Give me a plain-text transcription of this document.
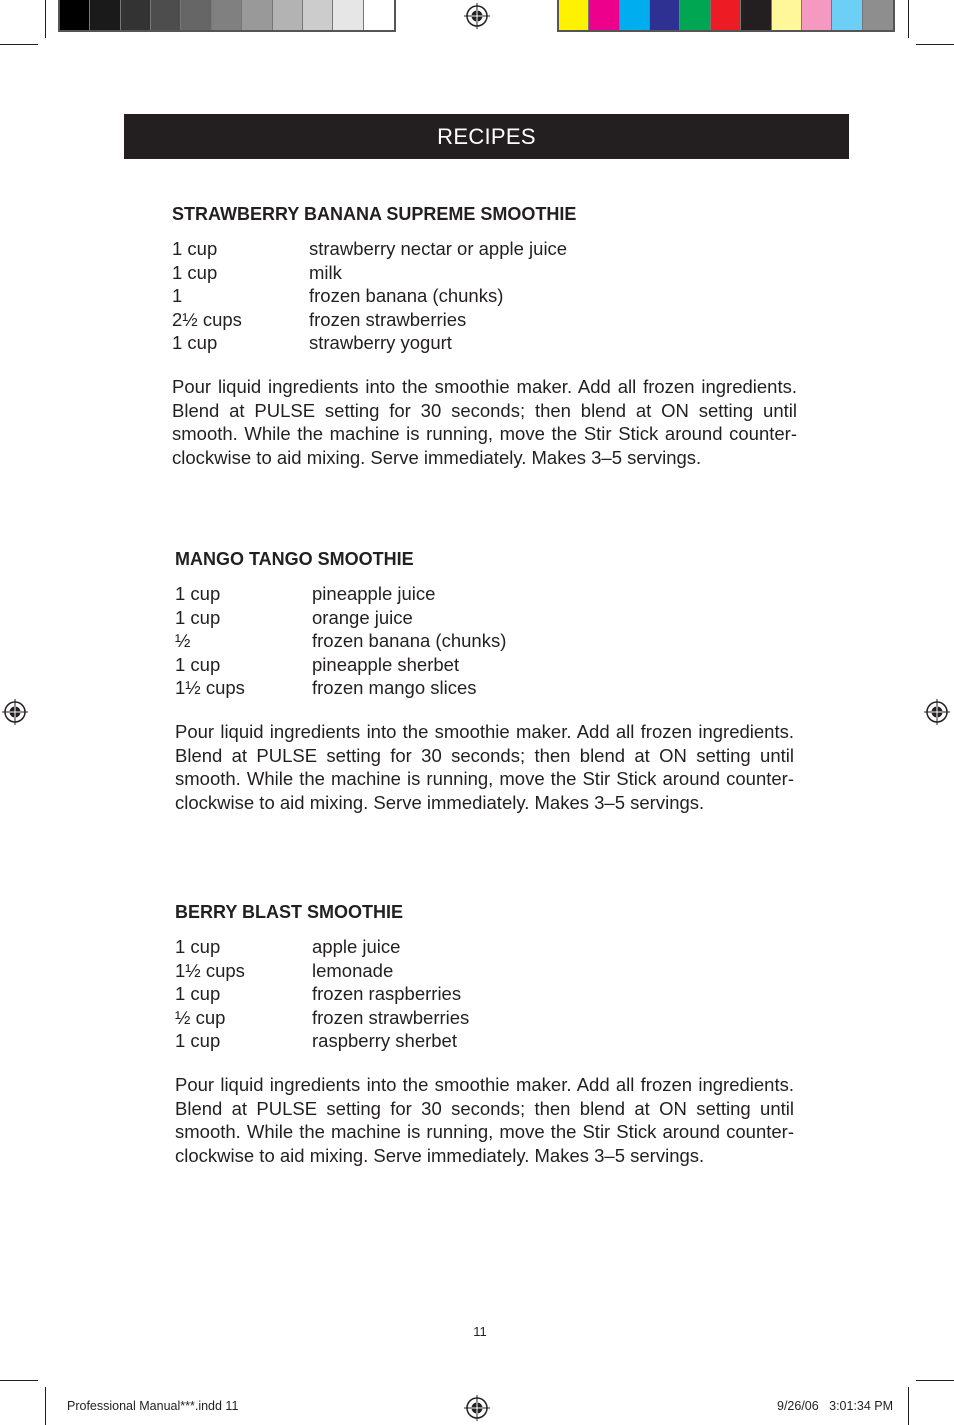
RECIPES
STRAWBERRY BANANA SUPREME SMOOTHIE
1 cup	strawberry nectar or apple juice
1 cup	milk
1	frozen banana (chunks)
2½ cups	frozen strawberries
1 cup	strawberry yogurt

Pour liquid ingredients into the smoothie maker. Add all frozen ingredients. Blend at PULSE setting for 30 seconds; then blend at ON setting until smooth. While the machine is running, move the Stir Stick around counter-clockwise to aid mixing. Serve immediately. Makes 3–5 servings.

MANGO TANGO SMOOTHIE
1 cup	pineapple juice
1 cup	orange juice
½	frozen banana (chunks)
1 cup	pineapple sherbet
1½ cups	frozen mango slices

Pour liquid ingredients into the smoothie maker. Add all frozen ingredients. Blend at PULSE setting for 30 seconds; then blend at ON setting until smooth. While the machine is running, move the Stir Stick around counter-clockwise to aid mixing. Serve immediately. Makes 3–5 servings.

BERRY BLAST SMOOTHIE
1 cup	apple juice
1½ cups	lemonade
1 cup	frozen raspberries
½ cup	frozen strawberries
1 cup	raspberry sherbet

Pour liquid ingredients into the smoothie maker. Add all frozen ingredients. Blend at PULSE setting for 30 seconds; then blend at ON setting until smooth. While the machine is running, move the Stir Stick around counter-clockwise to aid mixing. Serve immediately. Makes 3–5 servings.

11
Professional Manual***.indd 11	9/26/06   3:01:34 PM
